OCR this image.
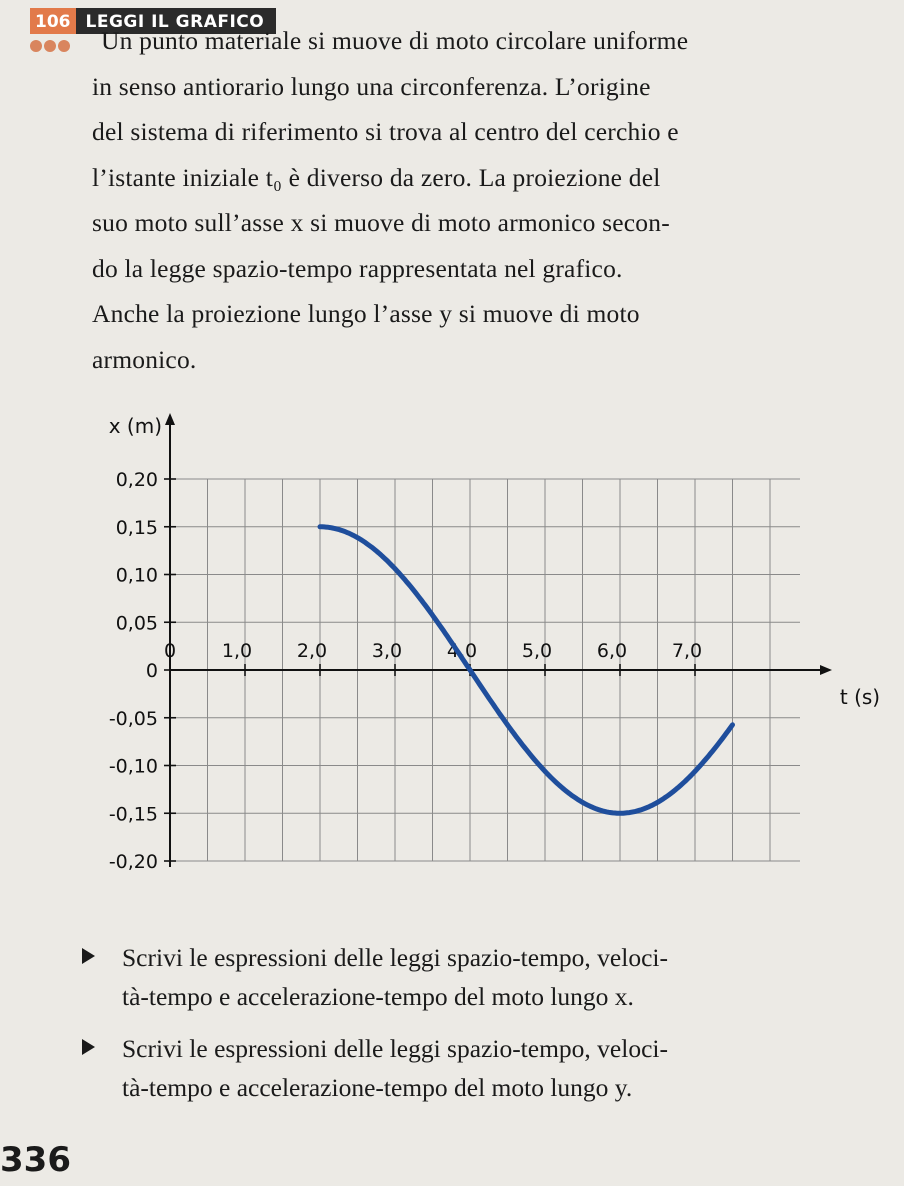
106 LEGGI IL GRAFICO
Un punto materiale si muove di moto circolare uniforme
in senso antiorario lungo una circonferenza. L’origine
del sistema di riferimento si trova al centro del cerchio e
l’istante iniziale t₀ è diverso da zero. La proiezione del
suo moto sull’asse x si muove di moto armonico secon-
do la legge spazio-tempo rappresentata nel grafico.
Anche la proiezione lungo l’asse y si muove di moto
armonico.
0,20
0,15
0,10
0,05
0
-0,05
-0,10
-0,15
-0,20
0 1,0 2,0 3,0 4,0 5,0 6,0 7,0
x (m)
t (s)
Scrivi le espressioni delle leggi spazio-tempo, veloci-
tà-tempo e accelerazione-tempo del moto lungo x.
Scrivi le espressioni delle leggi spazio-tempo, veloci-
tà-tempo e accelerazione-tempo del moto lungo y.
336
